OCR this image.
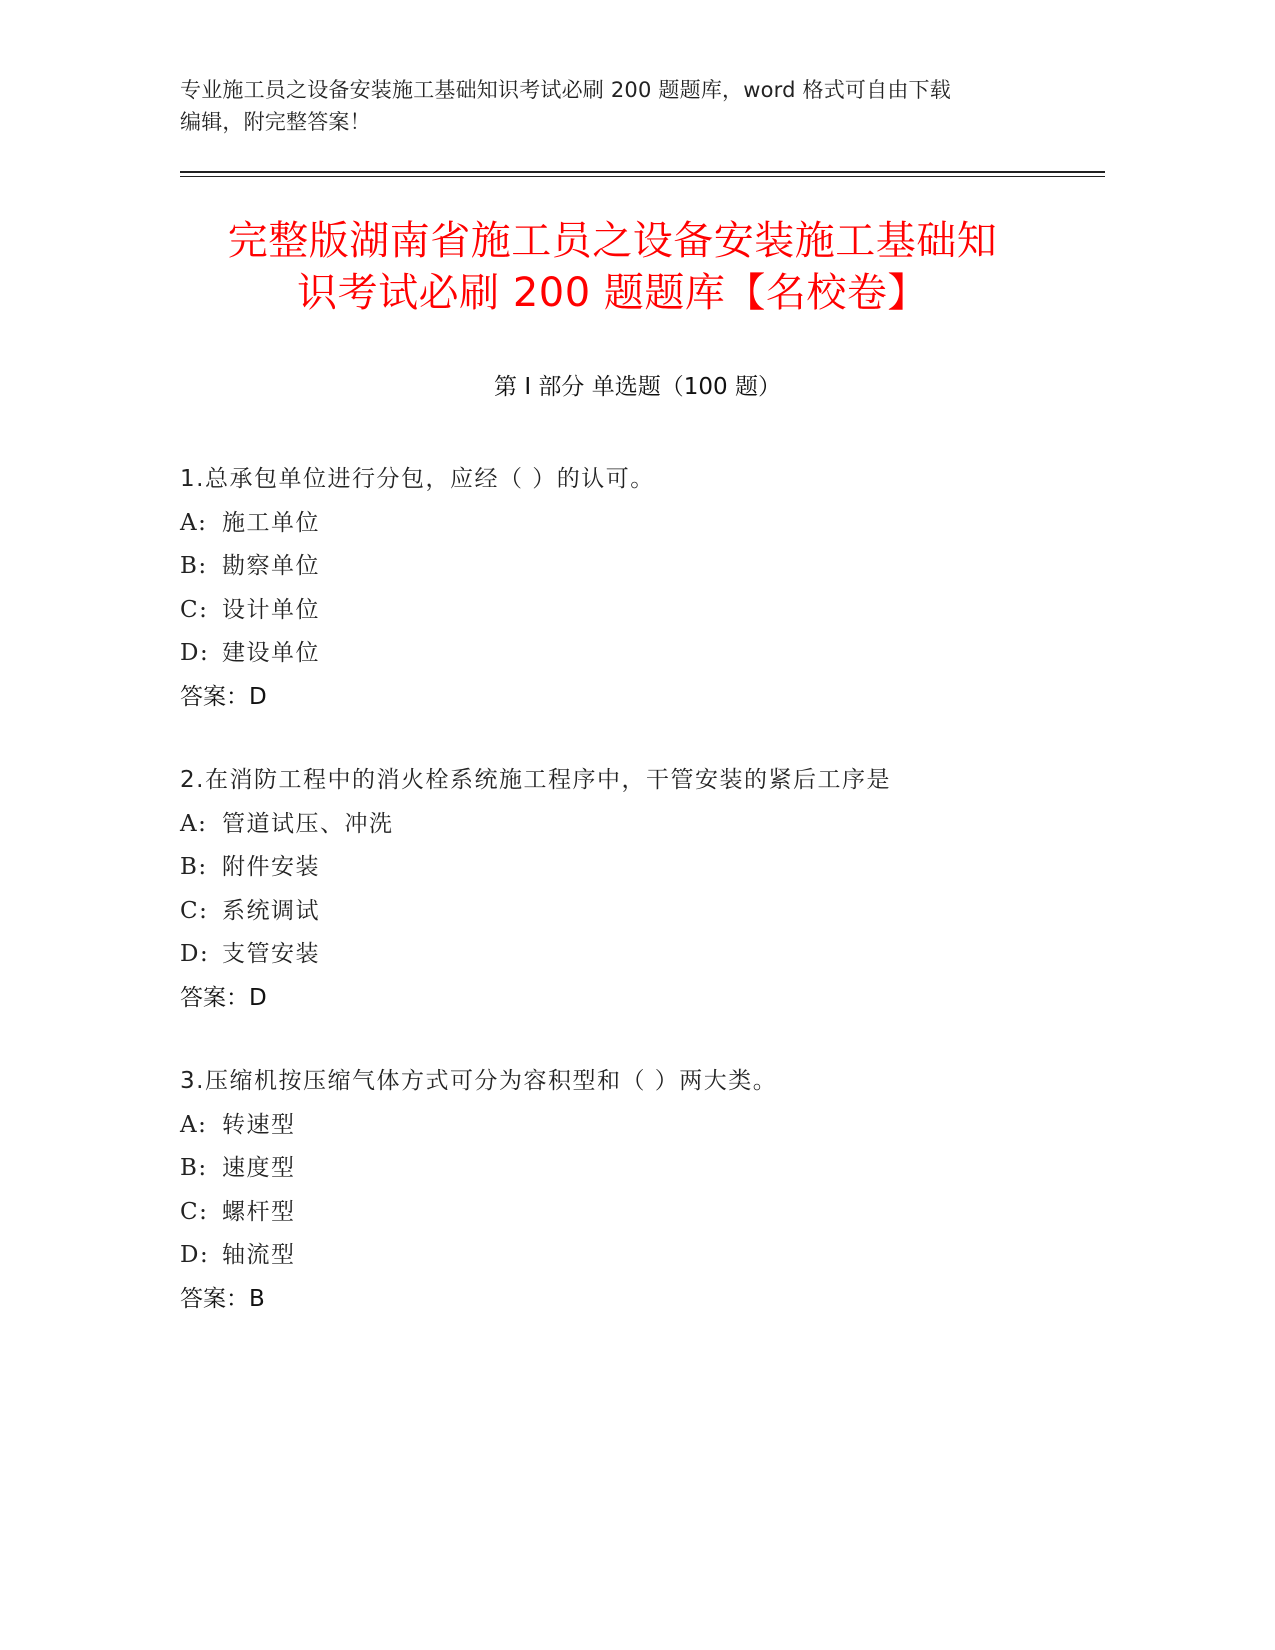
专业施工员之设备安装施工基础知识考试必刷 200 题题库，word 格式可自由下载
编辑，附完整答案！
完整版湖南省施工员之设备安装施工基础知
识考试必刷 200 题题库【名校卷】
第 I 部分 单选题（100 题）
1.总承包单位进行分包，应经（ ）的认可。
A: 施工单位
B: 勘察单位
C: 设计单位
D: 建设单位
答案：D
2.在消防工程中的消火栓系统施工程序中，干管安装的紧后工序是
A: 管道试压、冲洗
B: 附件安装
C: 系统调试
D: 支管安装
答案：D
3.压缩机按压缩气体方式可分为容积型和（ ）两大类。
A: 转速型
B: 速度型
C: 螺杆型
D: 轴流型
答案：B
